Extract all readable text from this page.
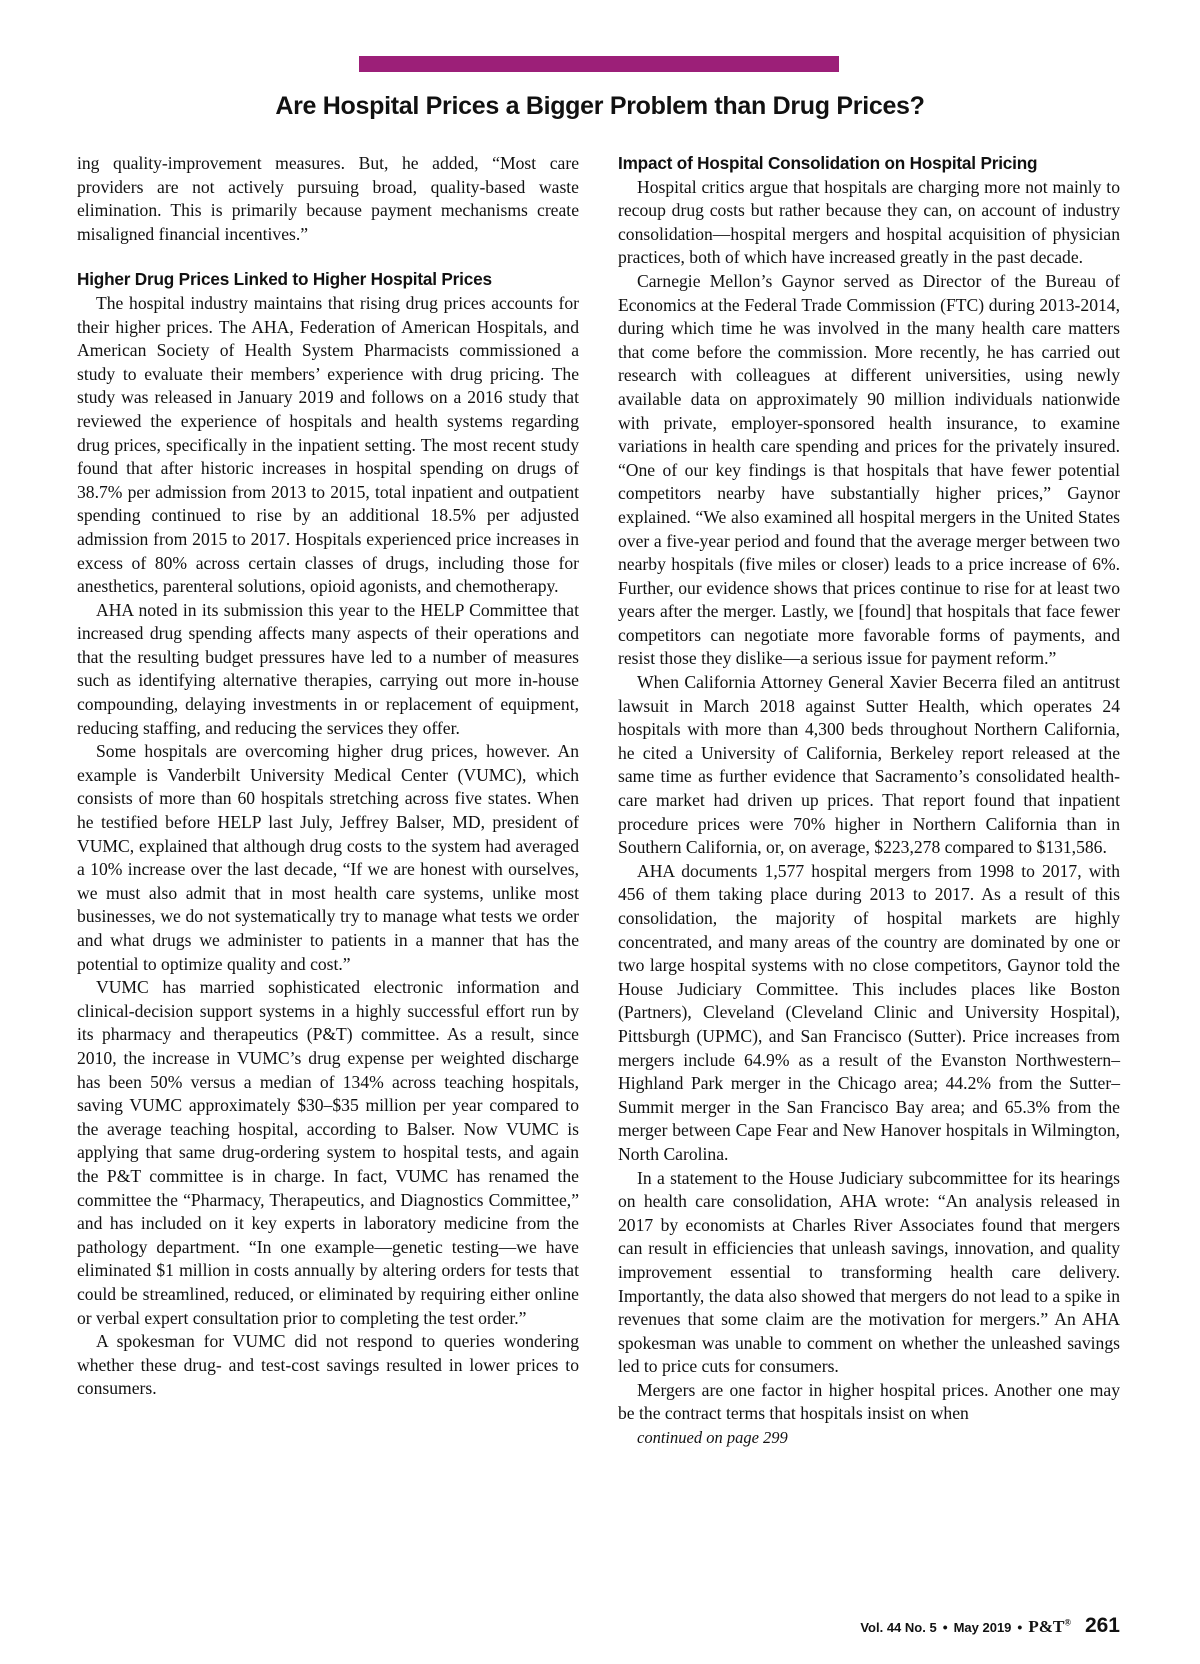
Are Hospital Prices a Bigger Problem than Drug Prices?

ing quality-improvement measures. But, he added, “Most care providers are not actively pursuing broad, quality-based waste elimination. This is primarily because payment mechanisms create misaligned financial incentives.”

Higher Drug Prices Linked to Higher Hospital Prices

The hospital industry maintains that rising drug prices accounts for their higher prices. The AHA, Federation of American Hospitals, and American Society of Health System Pharmacists commissioned a study to evaluate their members’ experience with drug pricing. The study was released in January 2019 and follows on a 2016 study that reviewed the experience of hospitals and health systems regarding drug prices, specifically in the inpatient setting. The most recent study found that after historic increases in hospital spending on drugs of 38.7% per admission from 2013 to 2015, total inpatient and outpatient spending continued to rise by an additional 18.5% per adjusted admission from 2015 to 2017. Hospitals experienced price increases in excess of 80% across certain classes of drugs, including those for anesthetics, parenteral solutions, opioid agonists, and chemotherapy.

AHA noted in its submission this year to the HELP Committee that increased drug spending affects many aspects of their operations and that the resulting budget pressures have led to a number of measures such as identifying alternative therapies, carrying out more in-house compounding, delaying investments in or replacement of equipment, reducing staffing, and reducing the services they offer.

Some hospitals are overcoming higher drug prices, however. An example is Vanderbilt University Medical Center (VUMC), which consists of more than 60 hospitals stretching across five states. When he testified before HELP last July, Jeffrey Balser, MD, president of VUMC, explained that although drug costs to the system had averaged a 10% increase over the last decade, “If we are honest with ourselves, we must also admit that in most health care systems, unlike most businesses, we do not systematically try to manage what tests we order and what drugs we administer to patients in a manner that has the potential to optimize quality and cost.”

VUMC has married sophisticated electronic information and clinical-decision support systems in a highly successful effort run by its pharmacy and therapeutics (P&T) committee. As a result, since 2010, the increase in VUMC’s drug expense per weighted discharge has been 50% versus a median of 134% across teaching hospitals, saving VUMC approximately $30–$35 million per year compared to the average teaching hospital, according to Balser. Now VUMC is applying that same drug-ordering system to hospital tests, and again the P&T committee is in charge. In fact, VUMC has renamed the committee the “Pharmacy, Therapeutics, and Diagnostics Committee,” and has included on it key experts in laboratory medicine from the pathology department. “In one example—genetic testing—we have eliminated $1 million in costs annually by altering orders for tests that could be streamlined, reduced, or eliminated by requiring either online or verbal expert consultation prior to completing the test order.”

A spokesman for VUMC did not respond to queries wondering whether these drug- and test-cost savings resulted in lower prices to consumers.

Impact of Hospital Consolidation on Hospital Pricing

Hospital critics argue that hospitals are charging more not mainly to recoup drug costs but rather because they can, on account of industry consolidation—hospital mergers and hospital acquisition of physician practices, both of which have increased greatly in the past decade.

Carnegie Mellon’s Gaynor served as Director of the Bureau of Economics at the Federal Trade Commission (FTC) during 2013-2014, during which time he was involved in the many health care matters that come before the commission. More recently, he has carried out research with colleagues at different universities, using newly available data on approximately 90 million individuals nationwide with private, employer-sponsored health insurance, to examine variations in health care spending and prices for the privately insured. “One of our key findings is that hospitals that have fewer potential competitors nearby have substantially higher prices,” Gaynor explained. “We also examined all hospital mergers in the United States over a five-year period and found that the average merger between two nearby hospitals (five miles or closer) leads to a price increase of 6%. Further, our evidence shows that prices continue to rise for at least two years after the merger. Lastly, we [found] that hospitals that face fewer competitors can negotiate more favorable forms of payments, and resist those they dislike—a serious issue for payment reform.”

When California Attorney General Xavier Becerra filed an antitrust lawsuit in March 2018 against Sutter Health, which operates 24 hospitals with more than 4,300 beds throughout Northern California, he cited a University of California, Berkeley report released at the same time as further evidence that Sacramento’s consolidated health-care market had driven up prices. That report found that inpatient procedure prices were 70% higher in Northern California than in Southern California, or, on average, $223,278 compared to $131,586.

AHA documents 1,577 hospital mergers from 1998 to 2017, with 456 of them taking place during 2013 to 2017. As a result of this consolidation, the majority of hospital markets are highly concentrated, and many areas of the country are dominated by one or two large hospital systems with no close competitors, Gaynor told the House Judiciary Committee. This includes places like Boston (Partners), Cleveland (Cleveland Clinic and University Hospital), Pittsburgh (UPMC), and San Francisco (Sutter). Price increases from mergers include 64.9% as a result of the Evanston Northwestern–Highland Park merger in the Chicago area; 44.2% from the Sutter–Summit merger in the San Francisco Bay area; and 65.3% from the merger between Cape Fear and New Hanover hospitals in Wilmington, North Carolina.

In a statement to the House Judiciary subcommittee for its hearings on health care consolidation, AHA wrote: “An analysis released in 2017 by economists at Charles River Associates found that mergers can result in efficiencies that unleash savings, innovation, and quality improvement essential to transforming health care delivery. Importantly, the data also showed that mergers do not lead to a spike in revenues that some claim are the motivation for mergers.” An AHA spokesman was unable to comment on whether the unleashed savings led to price cuts for consumers.

Mergers are one factor in higher hospital prices. Another one may be the contract terms that hospitals insist on when

continued on page 299

Vol. 44 No. 5 • May 2019 • P&T® 261
